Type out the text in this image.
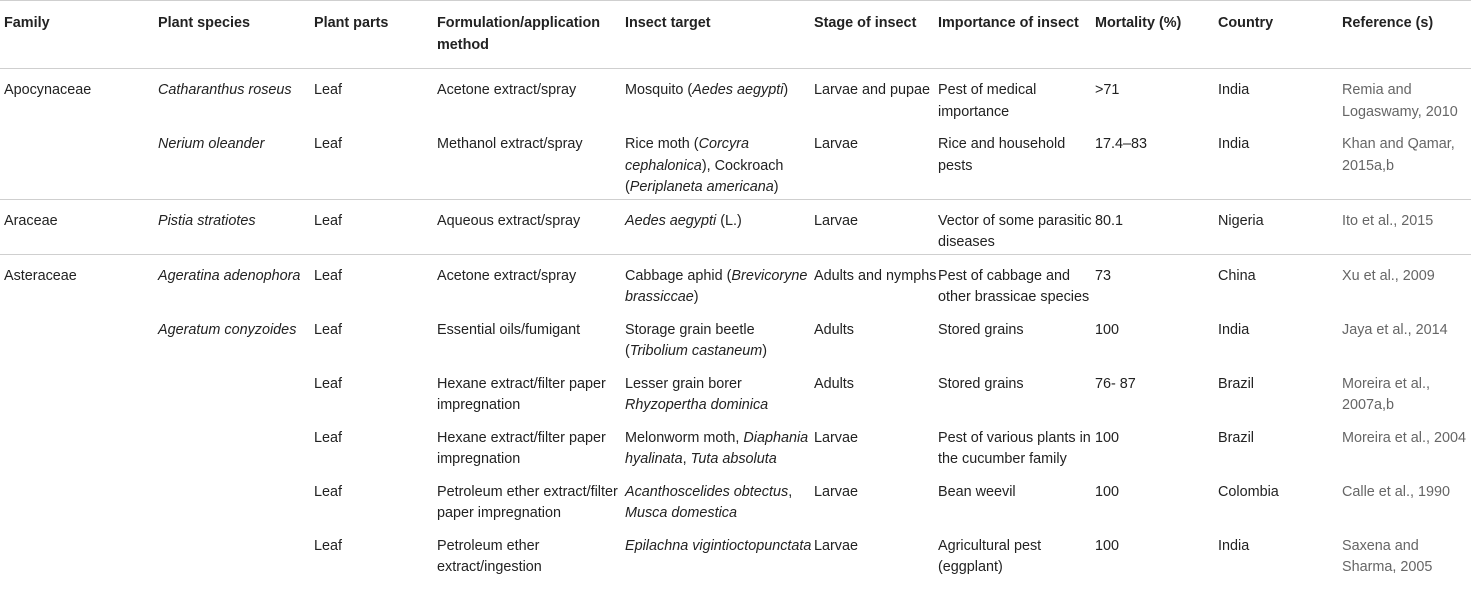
Family	Plant species	Plant parts	Formulation/application method	Insect target	Stage of insect	Importance of insect	Mortality (%)	Country	Reference (s)
Apocynaceae	Catharanthus roseus	Leaf	Acetone extract/spray	Mosquito (Aedes aegypti)	Larvae and pupae	Pest of medical importance	>71	India	Remia and Logaswamy, 2010
	Nerium oleander	Leaf	Methanol extract/spray	Rice moth (Corcyra cephalonica), Cockroach (Periplaneta americana)	Larvae	Rice and household pests	17.4–83	India	Khan and Qamar, 2015a,b
Araceae	Pistia stratiotes	Leaf	Aqueous extract/spray	Aedes aegypti (L.)	Larvae	Vector of some parasitic diseases	80.1	Nigeria	Ito et al., 2015
Asteraceae	Ageratina adenophora	Leaf	Acetone extract/spray	Cabbage aphid (Brevicoryne brassiccae)	Adults and nymphs	Pest of cabbage and other brassicae species	73	China	Xu et al., 2009
	Ageratum conyzoides	Leaf	Essential oils/fumigant	Storage grain beetle (Tribolium castaneum)	Adults	Stored grains	100	India	Jaya et al., 2014
		Leaf	Hexane extract/filter paper impregnation	Lesser grain borer Rhyzopertha dominica	Adults	Stored grains	76- 87	Brazil	Moreira et al., 2007a,b
		Leaf	Hexane extract/filter paper impregnation	Melonworm moth, Diaphania hyalinata, Tuta absoluta	Larvae	Pest of various plants in the cucumber family	100	Brazil	Moreira et al., 2004
		Leaf	Petroleum ether extract/filter paper impregnation	Acanthoscelides obtectus, Musca domestica	Larvae	Bean weevil	100	Colombia	Calle et al., 1990
		Leaf	Petroleum ether extract/ingestion	Epilachna vigintioctopunctata	Larvae	Agricultural pest (eggplant)	100	India	Saxena and Sharma, 2005
